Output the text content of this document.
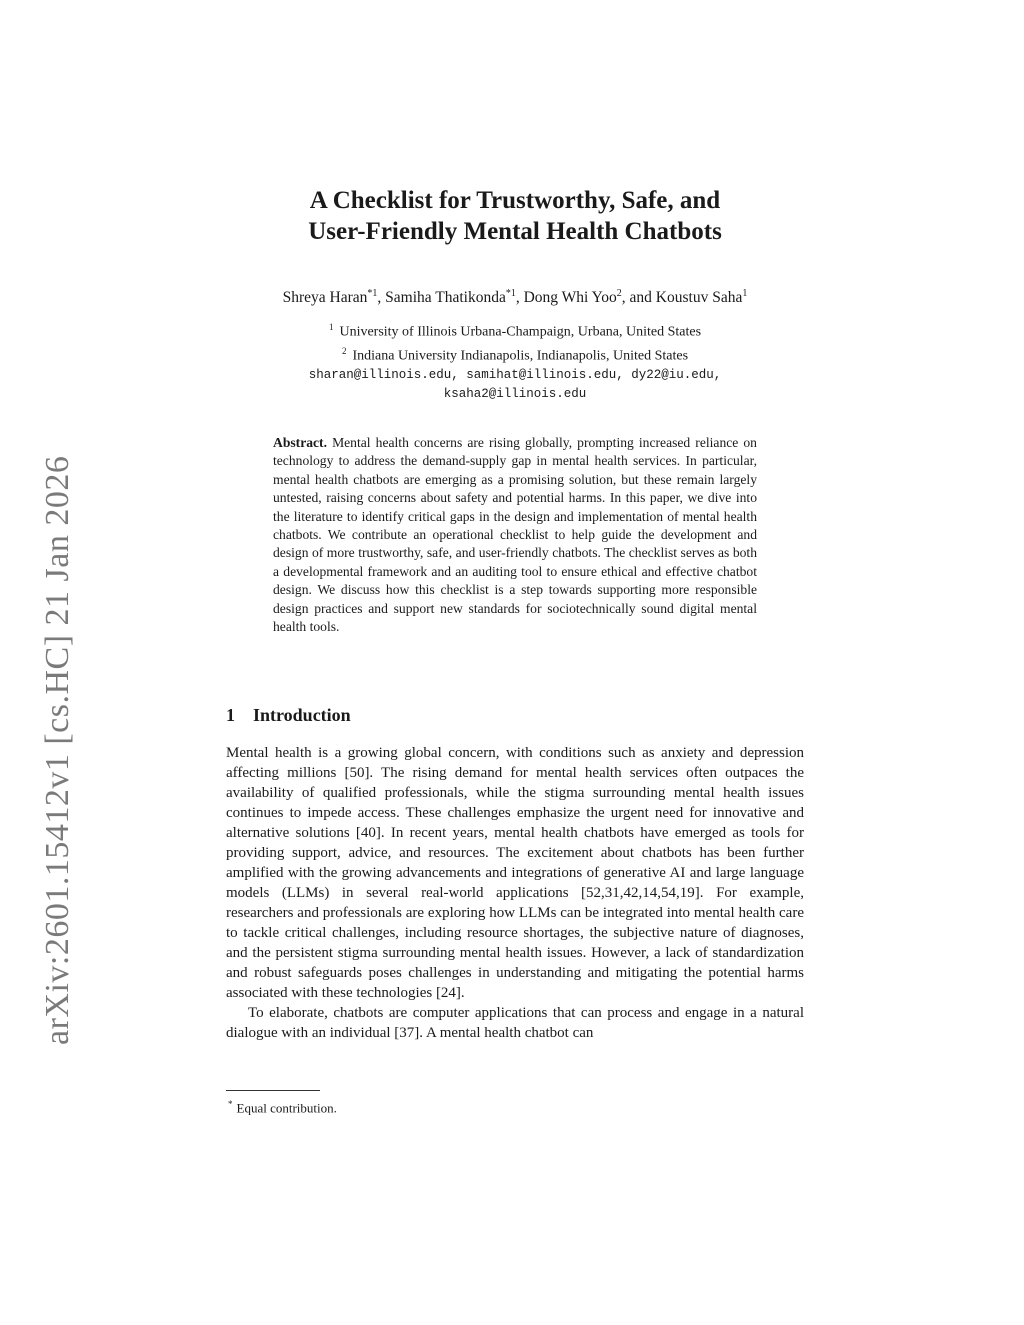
arXiv:2601.15412v1 [cs.HC] 21 Jan 2026
A Checklist for Trustworthy, Safe, and
User-Friendly Mental Health Chatbots
Shreya Haran$^{*1}$, Samiha Thatikonda$^{*1}$, Dong Whi Yoo$^2$, and Koustuv Saha$^1$
$^1$ University of Illinois Urbana-Champaign, Urbana, United States
$^2$ Indiana University Indianapolis, Indianapolis, United States
sharan@illinois.edu, samihat@illinois.edu, dy22@iu.edu,
ksaha2@illinois.edu
Abstract. Mental health concerns are rising globally, prompting increased reliance on technology to address the demand-supply gap in mental health services. In particular, mental health chatbots are emerging as a promising solution, but these remain largely untested, raising concerns about safety and potential harms. In this paper, we dive into the literature to identify critical gaps in the design and implementation of mental health chatbots. We contribute an operational checklist to help guide the development and design of more trustworthy, safe, and user-friendly chatbots. The checklist serves as both a developmental framework and an auditing tool to ensure ethical and effective chatbot design. We discuss how this checklist is a step towards supporting more responsible design practices and support new standards for sociotechnically sound digital mental health tools.
1 Introduction

Mental health is a growing global concern, with conditions such as anxiety and depression affecting millions [50]. The rising demand for mental health services often outpaces the availability of qualified professionals, while the stigma surrounding mental health issues continues to impede access. These challenges emphasize the urgent need for innovative and alternative solutions [40]. In recent years, mental health chatbots have emerged as tools for providing support, advice, and resources. The excitement about chatbots has been further amplified with the growing advancements and integrations of generative AI and large language models (LLMs) in several real-world applications [52,31,42,14,54,19]. For example, researchers and professionals are exploring how LLMs can be integrated into mental health care to tackle critical challenges, including resource shortages, the subjective nature of diagnoses, and the persistent stigma surrounding mental health issues. However, a lack of standardization and robust safeguards poses challenges in understanding and mitigating the potential harms associated with these technologies [24].

To elaborate, chatbots are computer applications that can process and engage in a natural dialogue with an individual [37]. A mental health chatbot can

* Equal contribution.
